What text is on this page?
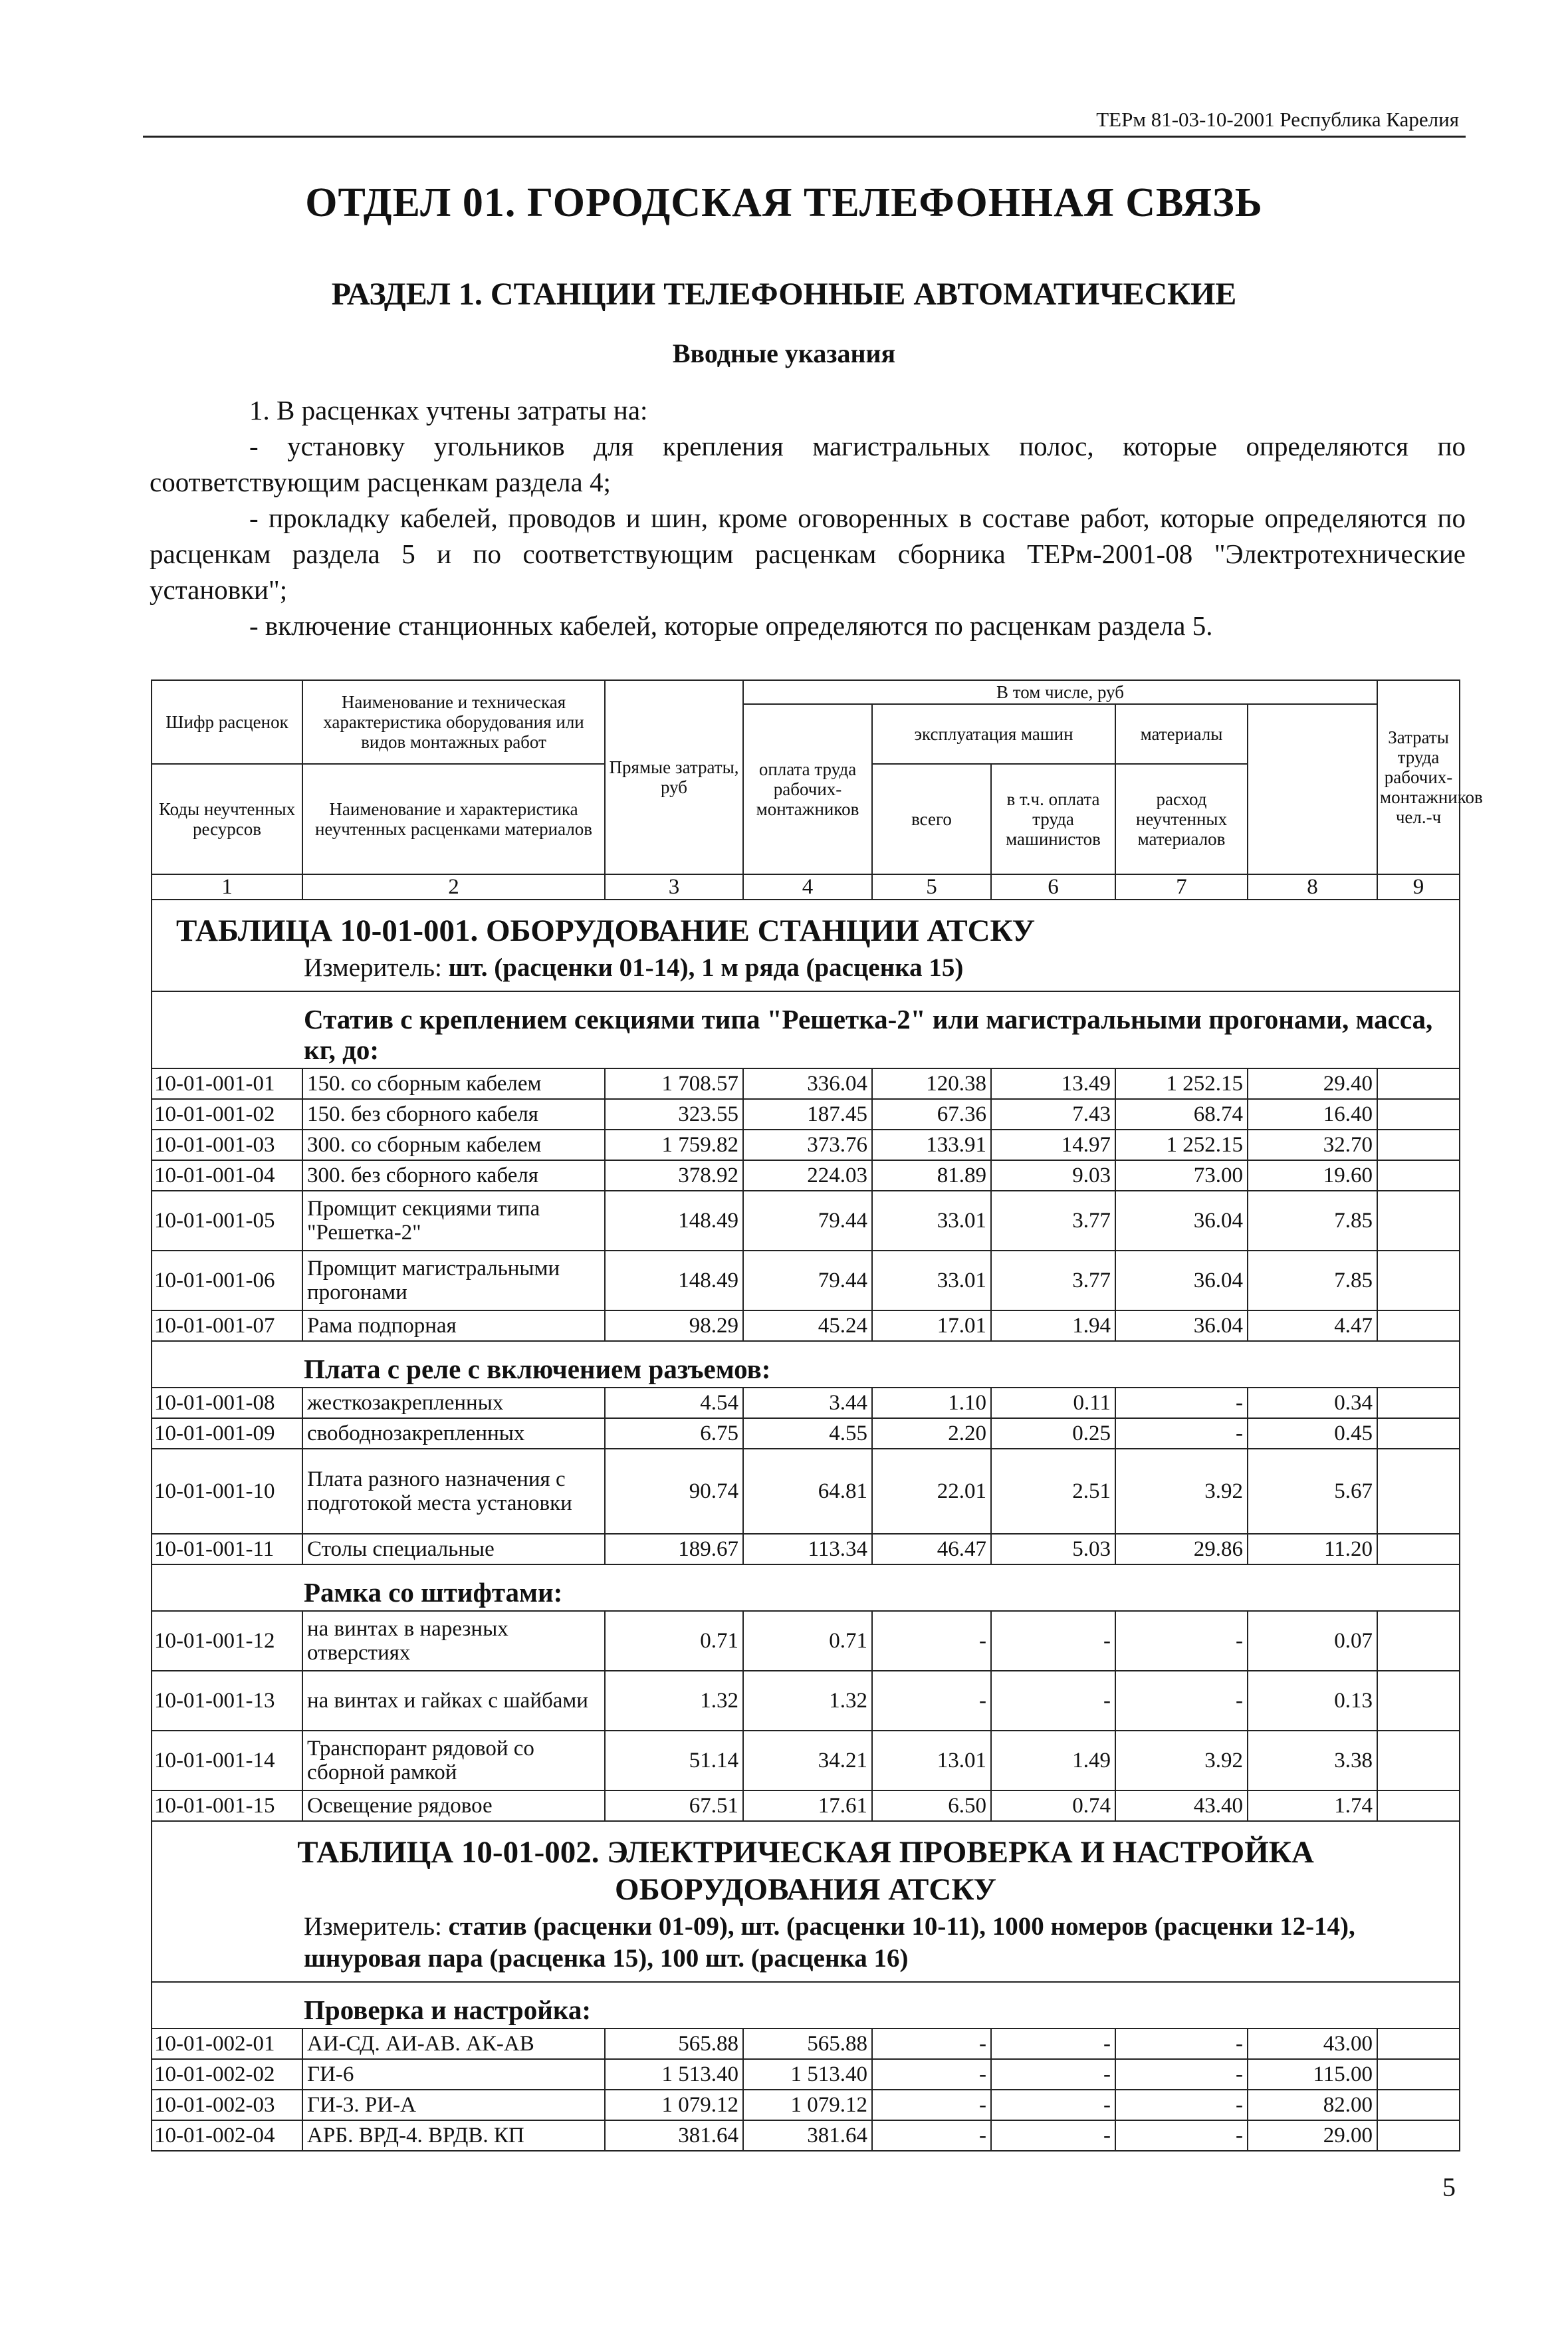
ТЕРм 81-03-10-2001 Республика Карелия
ОТДЕЛ 01. ГОРОДСКАЯ ТЕЛЕФОННАЯ СВЯЗЬ
РАЗДЕЛ 1. СТАНЦИИ ТЕЛЕФОННЫЕ АВТОМАТИЧЕСКИЕ
Вводные указания

1. В расценках учтены затраты на:

- установку угольников для крепления магистральных полос, которые определяются по соответствующим расценкам раздела 4;

- прокладку кабелей, проводов и шин, кроме оговоренных в составе работ, которые определяются по расценкам раздела 5 и по соответствующим расценкам сборника ТЕРм-2001-08 "Электротехнические установки";

- включение станционных кабелей, которые определяются по расценкам раздела 5.

Шифр расценок	Наименование и техническая характеристика оборудования или видов монтажных работ	Прямые затраты, руб	В том числе, руб					Затраты труда рабочих-монтажников чел.-ч	
			оплата труда рабочих-монтажников	эксплуатация машин		материалы			
Коды неучтенных ресурсов	Наименование и характеристика неучтенных расценками материалов			всего	в т.ч. оплата труда машинистов	расход неучтенных материалов			

1	2	3	4	5	6	7	8	9	

ТАБЛИЦА 10-01-001. ОБОРУДОВАНИЕ СТАНЦИИ АТСКУ
Измеритель: шт. (расценки 01-14), 1 м ряда (расценка 15)									

Статив с креплением секциями типа "Решетка-2" или магистральными прогонами, масса, кг, до:									

10-01-001-01	150. со сборным кабелем	1 708.57	336.04	120.38	13.49	1 252.15	29.40		
10-01-001-02	150. без сборного кабеля	323.55	187.45	67.36	7.43	68.74	16.40		
10-01-001-03	300. со сборным кабелем	1 759.82	373.76	133.91	14.97	1 252.15	32.70		
10-01-001-04	300. без сборного кабеля	378.92	224.03	81.89	9.03	73.00	19.60		
10-01-001-05	Промщит секциями типа "Решетка-2"	148.49	79.44	33.01	3.77	36.04	7.85		
10-01-001-06	Промщит магистральными прогонами	148.49	79.44	33.01	3.77	36.04	7.85		
10-01-001-07	Рама подпорная	98.29	45.24	17.01	1.94	36.04	4.47		

Плата с реле с включением разъемов:									

10-01-001-08	жесткозакрепленных	4.54	3.44	1.10	0.11	-	0.34		
10-01-001-09	свободнозакрепленных	6.75	4.55	2.20	0.25	-	0.45		
10-01-001-10	Плата разного назначения с подготокой места установки	90.74	64.81	22.01	2.51	3.92	5.67		
10-01-001-11	Столы специальные	189.67	113.34	46.47	5.03	29.86	11.20		

Рамка со штифтами:									

10-01-001-12	на винтах в нарезных отверстиях	0.71	0.71	-	-	-	0.07		
10-01-001-13	на винтах и гайках с шайбами	1.32	1.32	-	-	-	0.13		
10-01-001-14	Транспорант рядовой со сборной рамкой	51.14	34.21	13.01	1.49	3.92	3.38		
10-01-001-15	Освещение рядовое	67.51	17.61	6.50	0.74	43.40	1.74		

ТАБЛИЦА 10-01-002. ЭЛЕКТРИЧЕСКАЯ ПРОВЕРКА И НАСТРОЙКА ОБОРУДОВАНИЯ АТСКУ
Измеритель: статив (расценки 01-09), шт. (расценки 10-11), 1000 номеров (расценки 12-14), шнуровая пара (расценка 15), 100 шт. (расценка 16)									

Проверка и настройка:									

10-01-002-01	АИ-СД. АИ-АВ. АК-АВ	565.88	565.88	-	-	-	43.00		
10-01-002-02	ГИ-6	1 513.40	1 513.40	-	-	-	115.00		
10-01-002-03	ГИ-3. РИ-А	1 079.12	1 079.12	-	-	-	82.00		
10-01-002-04	АРБ. ВРД-4. ВРДВ. КП	381.64	381.64	-	-	-	29.00		
5
